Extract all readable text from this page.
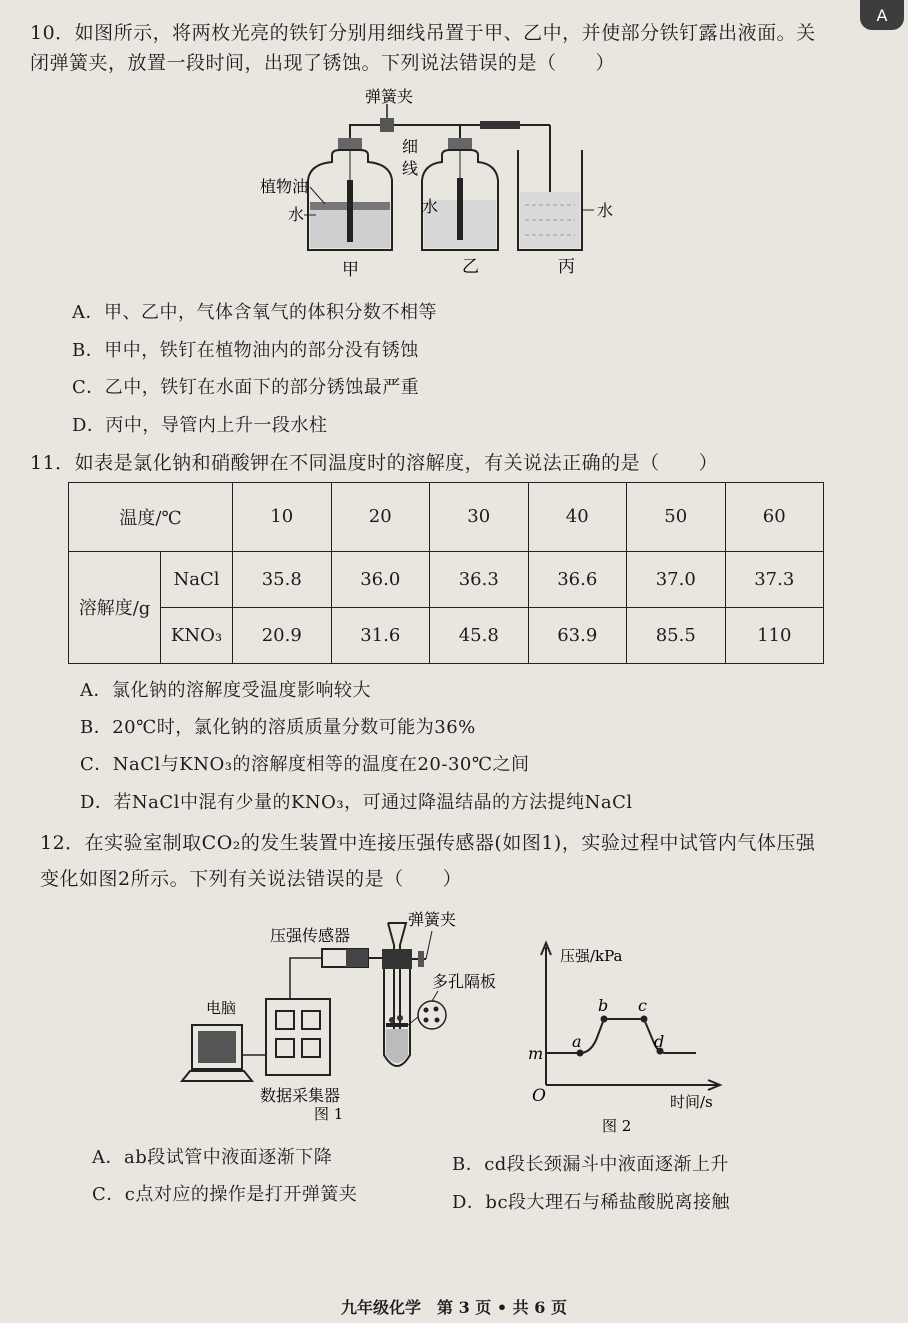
A
10．如图所示，将两枚光亮的铁钉分别用细线吊置于甲、乙中，并使部分铁钉露出液面。关
闭弹簧夹，放置一段时间，出现了锈蚀。下列说法错误的是（　　）
弹簧夹
植物油
水	水
细
线
水
甲	乙	丙
A．甲、乙中，气体含氧气的体积分数不相等
B．甲中，铁钉在植物油内的部分没有锈蚀
C．乙中，铁钉在水面下的部分锈蚀最严重
D．丙中，导管内上升一段水柱
11．如表是氯化钠和硝酸钾在不同温度时的溶解度，有关说法正确的是（　　）
温度/℃		10	20	30	40	50	60
溶解度/g	NaCl	35.8	36.0	36.3	36.6	37.0	37.3
	KNO₃	20.9	31.6	45.8	63.9	85.5	110
A．氯化钠的溶解度受温度影响较大
B．20℃时，氯化钠的溶质质量分数可能为36%
C．NaCl与KNO₃的溶解度相等的温度在20-30℃之间
D．若NaCl中混有少量的KNO₃，可通过降温结晶的方法提纯NaCl
12．在实验室制取CO₂的发生装置中连接压强传感器(如图1)，实验过程中试管内气体压强
变化如图2所示。下列有关说法错误的是（　　）
压强传感器
弹簧夹
多孔隔板
电脑
数据采集器
图 1
压强/kPa
时间/s
O
m
a
b c
d
图 2
A．ab段试管中液面逐渐下降	B．cd段长颈漏斗中液面逐渐上升
C．c点对应的操作是打开弹簧夹	D．bc段大理石与稀盐酸脱离接触
九年级化学　第 3 页 • 共 6 页
